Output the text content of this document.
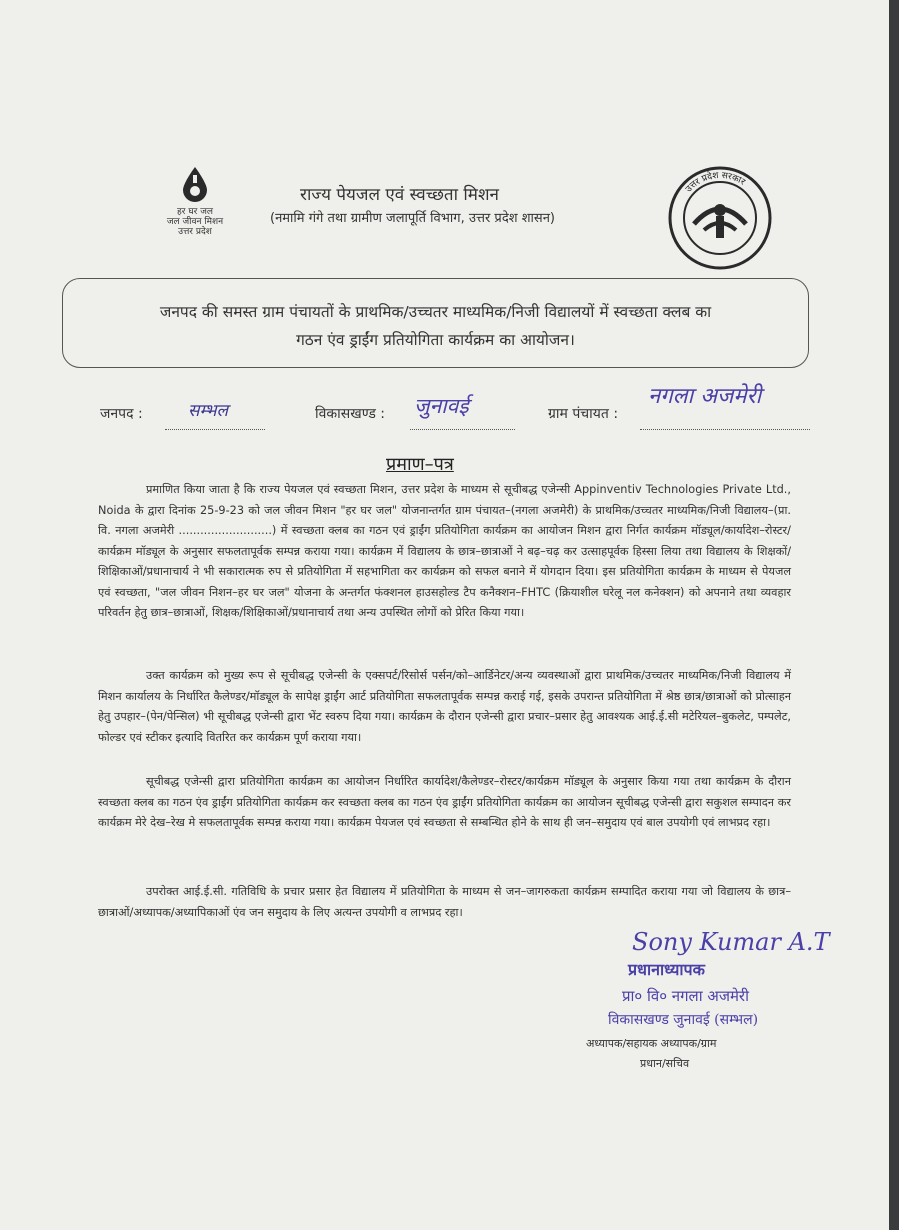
हर घर जल
जल जीवन मिशन
उत्तर प्रदेश
राज्य पेयजल एवं स्वच्छता मिशन
(नमामि गंगे तथा ग्रामीण जलापूर्ति विभाग, उत्तर प्रदेश शासन)
उत्तर प्रदेश सरकार
जनपद की समस्त ग्राम पंचायतों के प्राथमिक/उच्चतर माध्यमिक/निजी विद्यालयों में स्वच्छता क्लब का
गठन एंव ड्राईंग प्रतियोगिता कार्यक्रम का आयोजन।
जनपद :	सम्भल	विकासखण्ड : जुनावई	ग्राम पंचायत :
नगला अजमेरी
प्रमाण–पत्र
प्रमाणित किया जाता है कि राज्य पेयजल एवं स्वच्छता मिशन, उत्तर प्रदेश के माध्यम से सूचीबद्ध एजेन्सी Appinventiv Technologies Private Ltd., Noida के द्वारा दिनांक 25-9-23 को जल जीवन मिशन "हर घर जल" योजनान्तर्गत ग्राम पंचायत–(नगला अजमेरी) के प्राथमिक/उच्चतर माध्यमिक/निजी विद्यालय–(प्रा. वि. नगला अजमेरी ..........................) में स्वच्छता क्लब का गठन एवं ड्राईंग प्रतियोगिता कार्यक्रम का आयोजन मिशन द्वारा निर्गत कार्यक्रम मॉड्यूल/कार्यादेश–रोस्टर/कार्यक्रम मॉड्यूल के अनुसार सफलतापूर्वक सम्पन्न कराया गया। कार्यक्रम में विद्यालय के छात्र–छात्राओं ने बढ़–चढ़ कर उत्साहपूर्वक हिस्सा लिया तथा विद्यालय के शिक्षकों/शिक्षिकाओं/प्रधानाचार्य ने भी सकारात्मक रुप से प्रतियोगिता में सहभागिता कर कार्यक्रम को सफल बनाने में योगदान दिया। इस प्रतियोगिता कार्यक्रम के माध्यम से पेयजल एवं स्वच्छता, "जल जीवन निशन–हर घर जल" योजना के अन्तर्गत फंक्शनल हाउसहोल्ड टैप कनैक्शन–FHTC (क्रियाशील घरेलू नल कनेक्शन) को अपनाने तथा व्यवहार परिवर्तन हेतु छात्र–छात्राओं, शिक्षक/शिक्षिकाओं/प्रधानाचार्य तथा अन्य उपस्थित लोगों को प्रेरित किया गया।
उक्त कार्यक्रम को मुख्य रूप से सूचीबद्ध एजेन्सी के एक्सपर्ट/रिसोर्स पर्सन/को–आर्डिनेटर/अन्य व्यवस्थाओं द्वारा प्राथमिक/उच्चतर माध्यमिक/निजी विद्यालय में मिशन कार्यालय के निर्धारित कैलेण्डर/मॉड्यूल के सापेक्ष ड्राईंग आर्ट प्रतियोगिता सफलतापूर्वक सम्पन्न कराई गई, इसके उपरान्त प्रतियोगिता में श्रेष्ठ छात्र/छात्राओं को प्रोत्साहन हेतु उपहार–(पेन/पेन्सिल) भी सूचीबद्ध एजेन्सी द्वारा भेंट स्वरुप दिया गया। कार्यक्रम के दौरान एजेन्सी द्वारा प्रचार–प्रसार हेतु आवश्यक आई.ई.सी मटेरियल–बुकलेट, पम्पलेट, फोल्डर एवं स्टीकर इत्यादि वितरित कर कार्यक्रम पूर्ण कराया गया।
सूचीबद्ध एजेन्सी द्वारा प्रतियोगिता कार्यक्रम का आयोजन निर्धारित कार्यादेश/कैलेण्डर–रोस्टर/कार्यक्रम मॉड्यूल के अनुसार किया गया तथा कार्यक्रम के दौरान स्वच्छता क्लब का गठन एंव ड्राईंग प्रतियोगिता कार्यक्रम कर स्वच्छता क्लब का गठन एंव ड्राईंग प्रतियोगिता कार्यक्रम का आयोजन सूचीबद्ध एजेन्सी द्वारा सकुशल सम्पादन कर कार्यक्रम मेरे देख–रेख मे सफलतापूर्वक सम्पन्न कराया गया। कार्यक्रम पेयजल एवं स्वच्छता से सम्बन्धित होने के साथ ही जन–समुदाय एवं बाल उपयोगी एवं लाभप्रद रहा।
उपरोक्त आई.ई.सी. गतिविधि के प्रचार प्रसार हेत विद्यालय में प्रतियोगिता के माध्यम से जन–जागरुकता कार्यक्रम सम्पादित कराया गया जो विद्यालय के छात्र–छात्राओं/अध्यापक/अध्यापिकाओं एंव जन समुदाय के लिए अत्यन्त उपयोगी व लाभप्रद रहा।
Sony Kumar A.T
प्रधानाध्यापक
प्रा० वि० नगला अजमेरी
विकासखण्ड जुनावई (सम्भल)
अध्यापक/सहायक अध्यापक/ग्राम
प्रधान/सचिव
